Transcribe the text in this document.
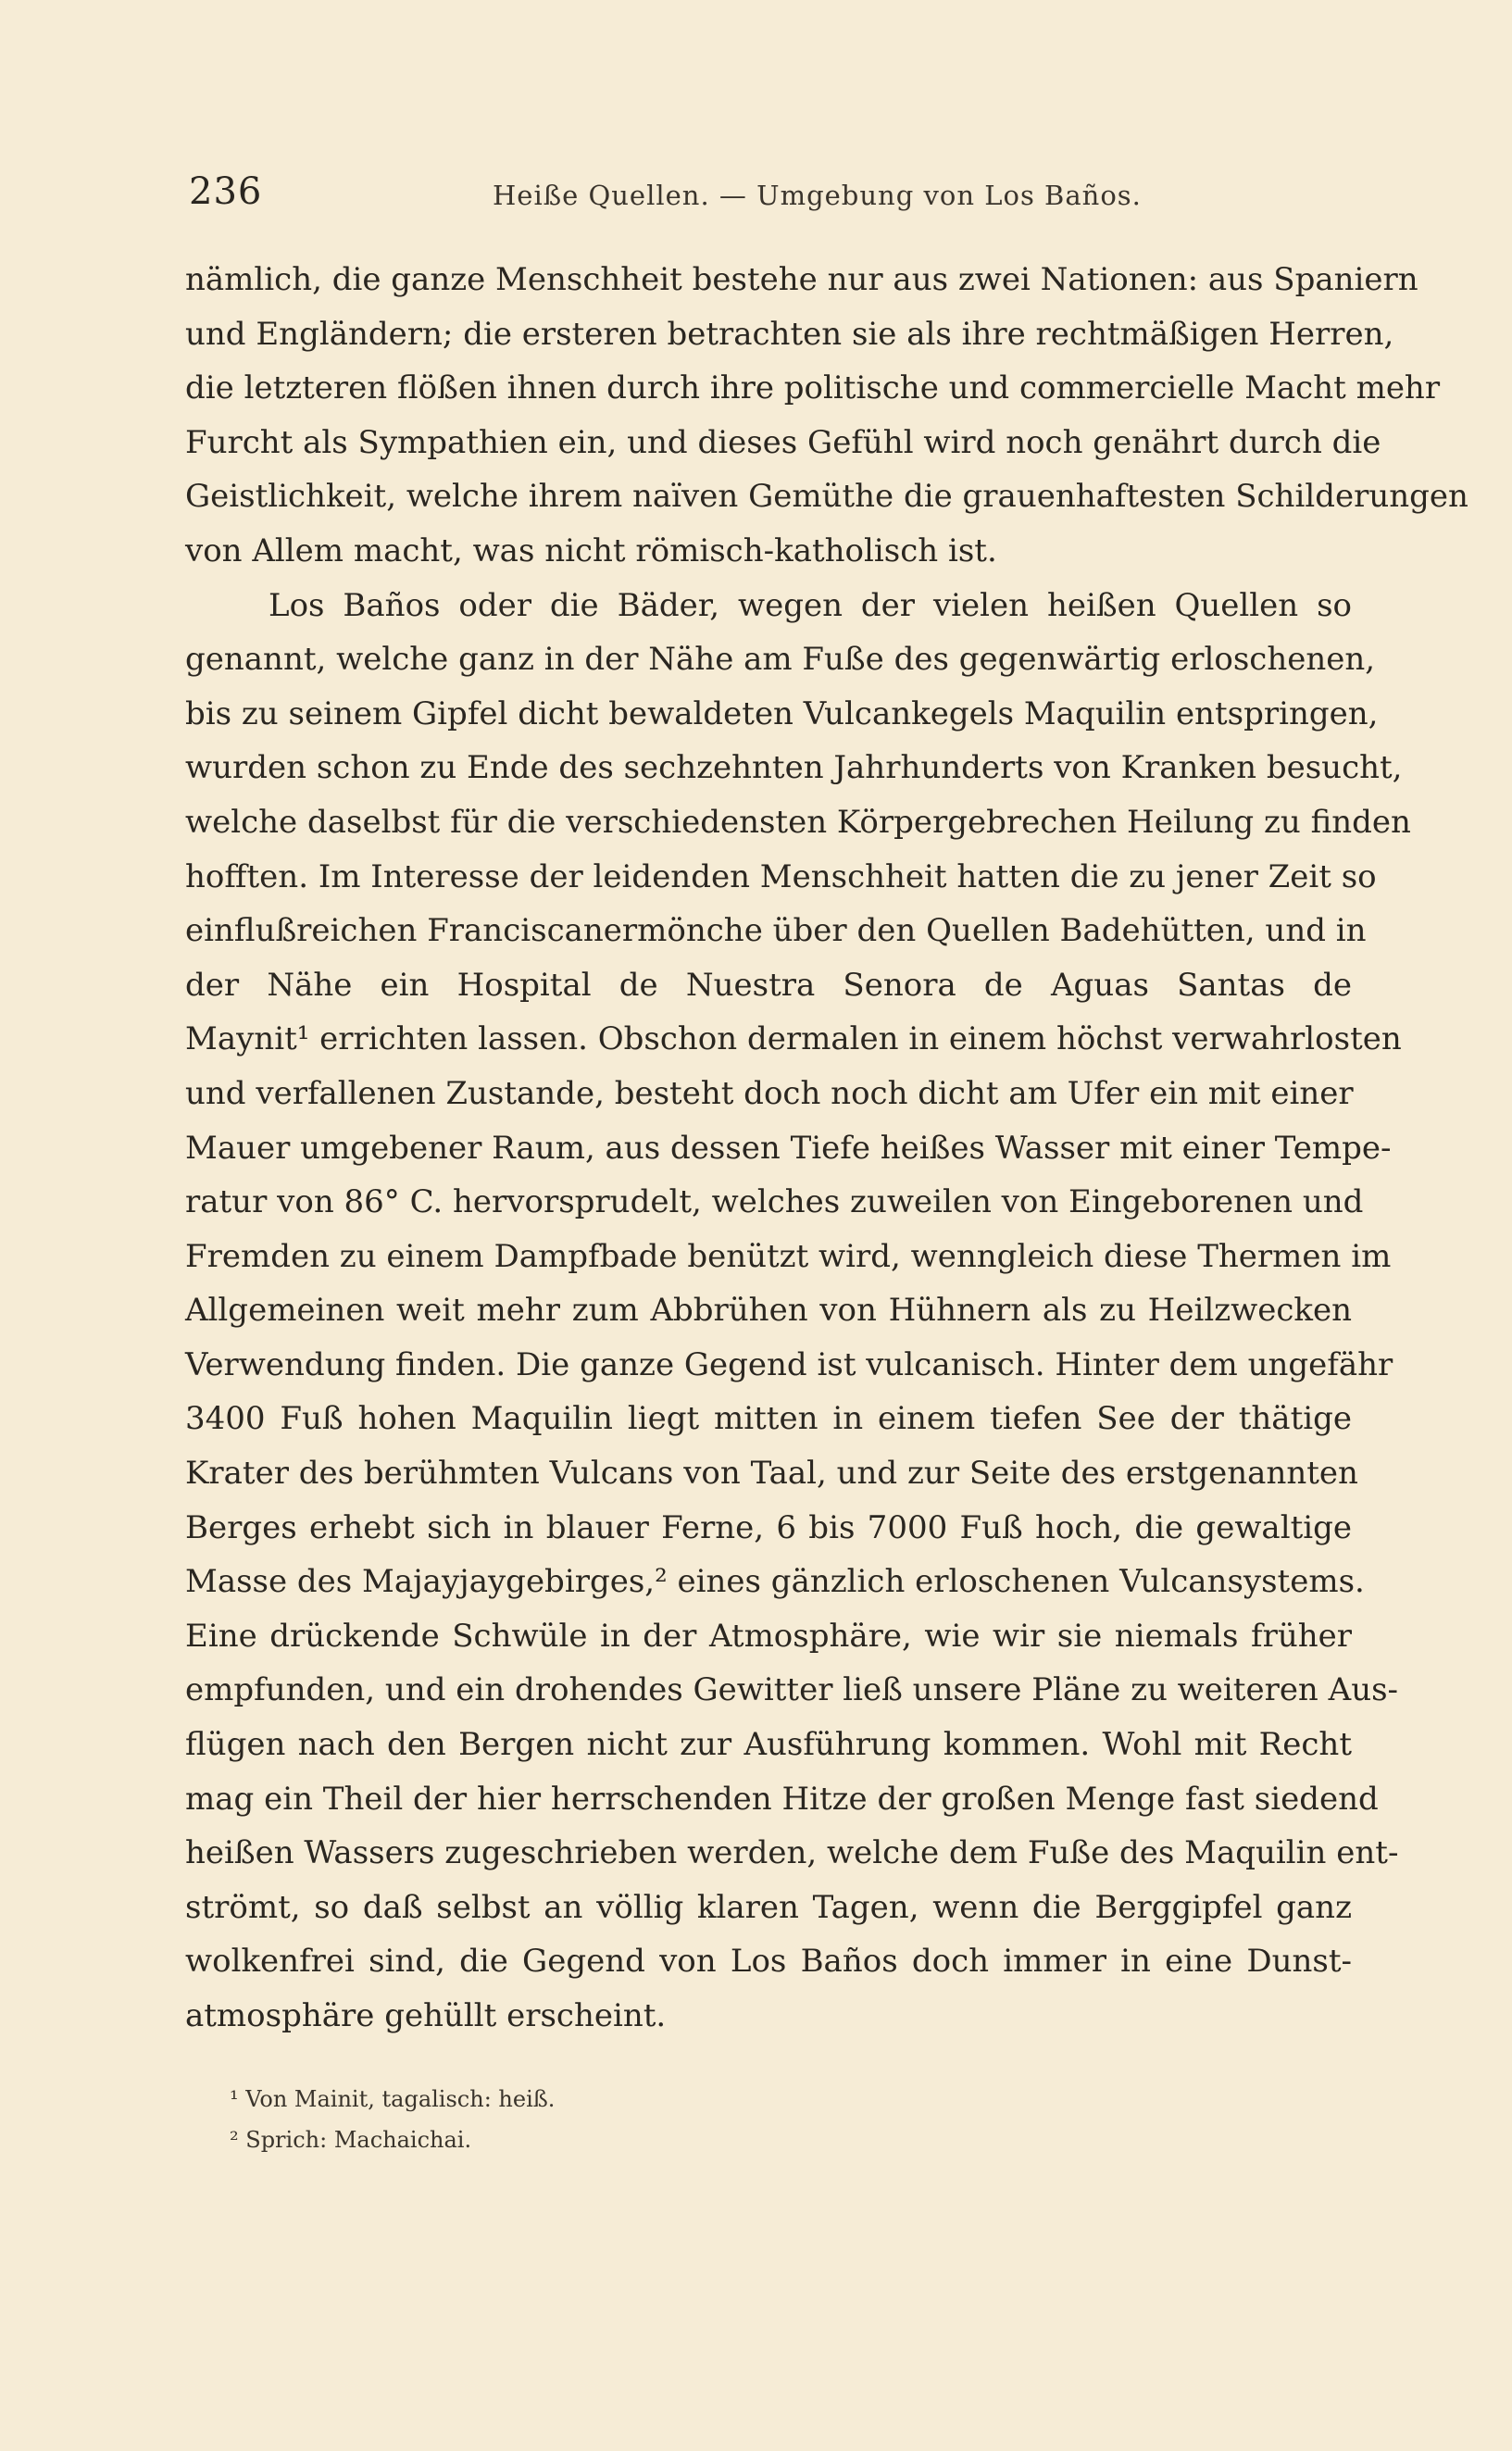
236	Heiße Quellen. — Umgebung von Los Baños.
nämlich, die ganze Menschheit bestehe nur aus zwei Nationen: aus Spaniern
und Engländern; die ersteren betrachten sie als ihre rechtmäßigen Herren,
die letzteren flößen ihnen durch ihre politische und commercielle Macht mehr
Furcht als Sympathien ein, und dieses Gefühl wird noch genährt durch die
Geistlichkeit, welche ihrem naïven Gemüthe die grauenhaftesten Schilderungen
von Allem macht, was nicht römisch-katholisch ist.
Los Baños oder die Bäder, wegen der vielen heißen Quellen so
genannt, welche ganz in der Nähe am Fuße des gegenwärtig erloschenen,
bis zu seinem Gipfel dicht bewaldeten Vulcankegels Maquilin entspringen,
wurden schon zu Ende des sechzehnten Jahrhunderts von Kranken besucht,
welche daselbst für die verschiedensten Körpergebrechen Heilung zu finden
hofften. Im Interesse der leidenden Menschheit hatten die zu jener Zeit so
einflußreichen Franciscanermönche über den Quellen Badehütten, und in
der Nähe ein Hospital de Nuestra Senora de Aguas Santas de
Maynit¹ errichten lassen. Obschon dermalen in einem höchst verwahrlosten
und verfallenen Zustande, besteht doch noch dicht am Ufer ein mit einer
Mauer umgebener Raum, aus dessen Tiefe heißes Wasser mit einer Tempe-
ratur von 86° C. hervorsprudelt, welches zuweilen von Eingeborenen und
Fremden zu einem Dampfbade benützt wird, wenngleich diese Thermen im
Allgemeinen weit mehr zum Abbrühen von Hühnern als zu Heilzwecken
Verwendung finden. Die ganze Gegend ist vulcanisch. Hinter dem ungefähr
3400 Fuß hohen Maquilin liegt mitten in einem tiefen See der thätige
Krater des berühmten Vulcans von Taal, und zur Seite des erstgenannten
Berges erhebt sich in blauer Ferne, 6 bis 7000 Fuß hoch, die gewaltige
Masse des Majayjaygebirges,² eines gänzlich erloschenen Vulcansystems.
Eine drückende Schwüle in der Atmosphäre, wie wir sie niemals früher
empfunden, und ein drohendes Gewitter ließ unsere Pläne zu weiteren Aus-
flügen nach den Bergen nicht zur Ausführung kommen. Wohl mit Recht
mag ein Theil der hier herrschenden Hitze der großen Menge fast siedend
heißen Wassers zugeschrieben werden, welche dem Fuße des Maquilin ent-
strömt, so daß selbst an völlig klaren Tagen, wenn die Berggipfel ganz
wolkenfrei sind, die Gegend von Los Baños doch immer in eine Dunst-
atmosphäre gehüllt erscheint.
¹ Von Mainit, tagalisch: heiß.
² Sprich: Machaichai.
